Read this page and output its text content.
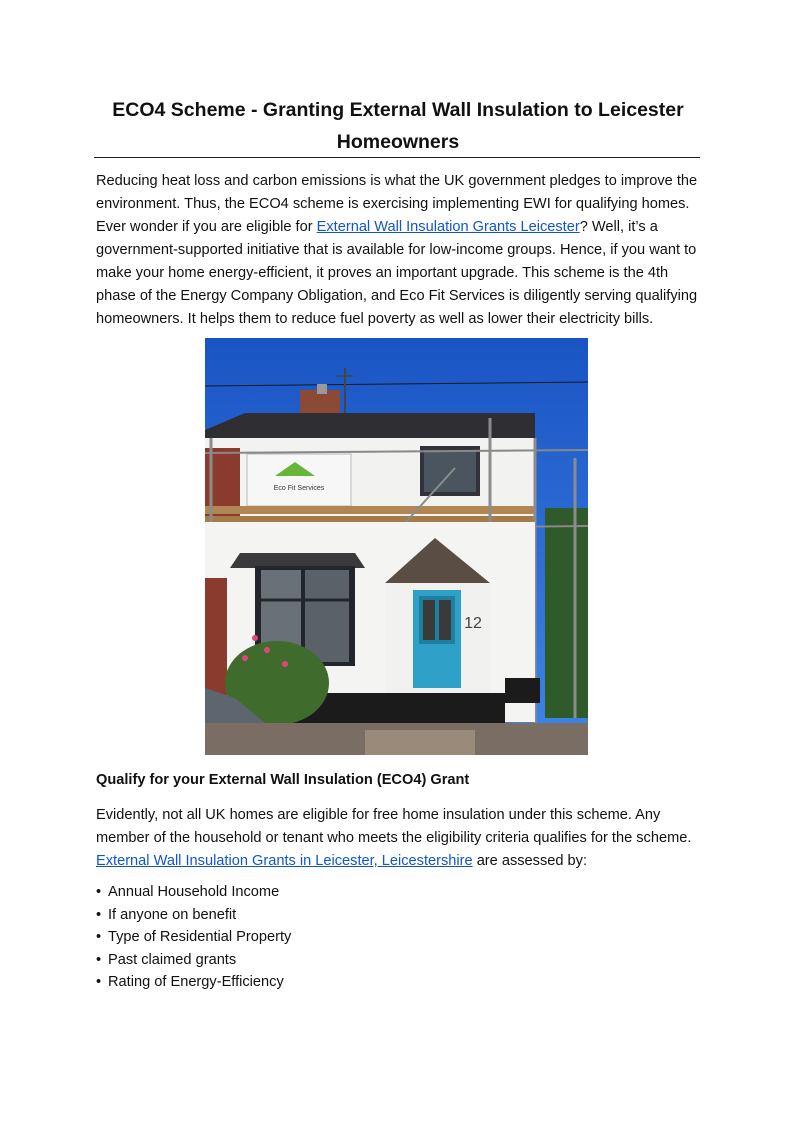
ECO4 Scheme - Granting External Wall Insulation to Leicester Homeowners

Reducing heat loss and carbon emissions is what the UK government pledges to improve the environment. Thus, the ECO4 scheme is exercising implementing EWI for qualifying homes. Ever wonder if you are eligible for External Wall Insulation Grants Leicester? Well, it’s a government-supported initiative that is available for low-income groups. Hence, if you want to make your home energy-efficient, it proves an important upgrade. This scheme is the 4th phase of the Energy Company Obligation, and Eco Fit Services is diligently serving qualifying homeowners. It helps them to reduce fuel poverty as well as lower their electricity bills.

Eco Fit Services
12
Qualify for your External Wall Insulation (ECO4) Grant

Evidently, not all UK homes are eligible for free home insulation under this scheme. Any member of the household or tenant who meets the eligibility criteria qualifies for the scheme. External Wall Insulation Grants in Leicester, Leicestershire are assessed by:

• Annual Household Income
• If anyone on benefit
• Type of Residential Property
• Past claimed grants
• Rating of Energy-Efficiency
